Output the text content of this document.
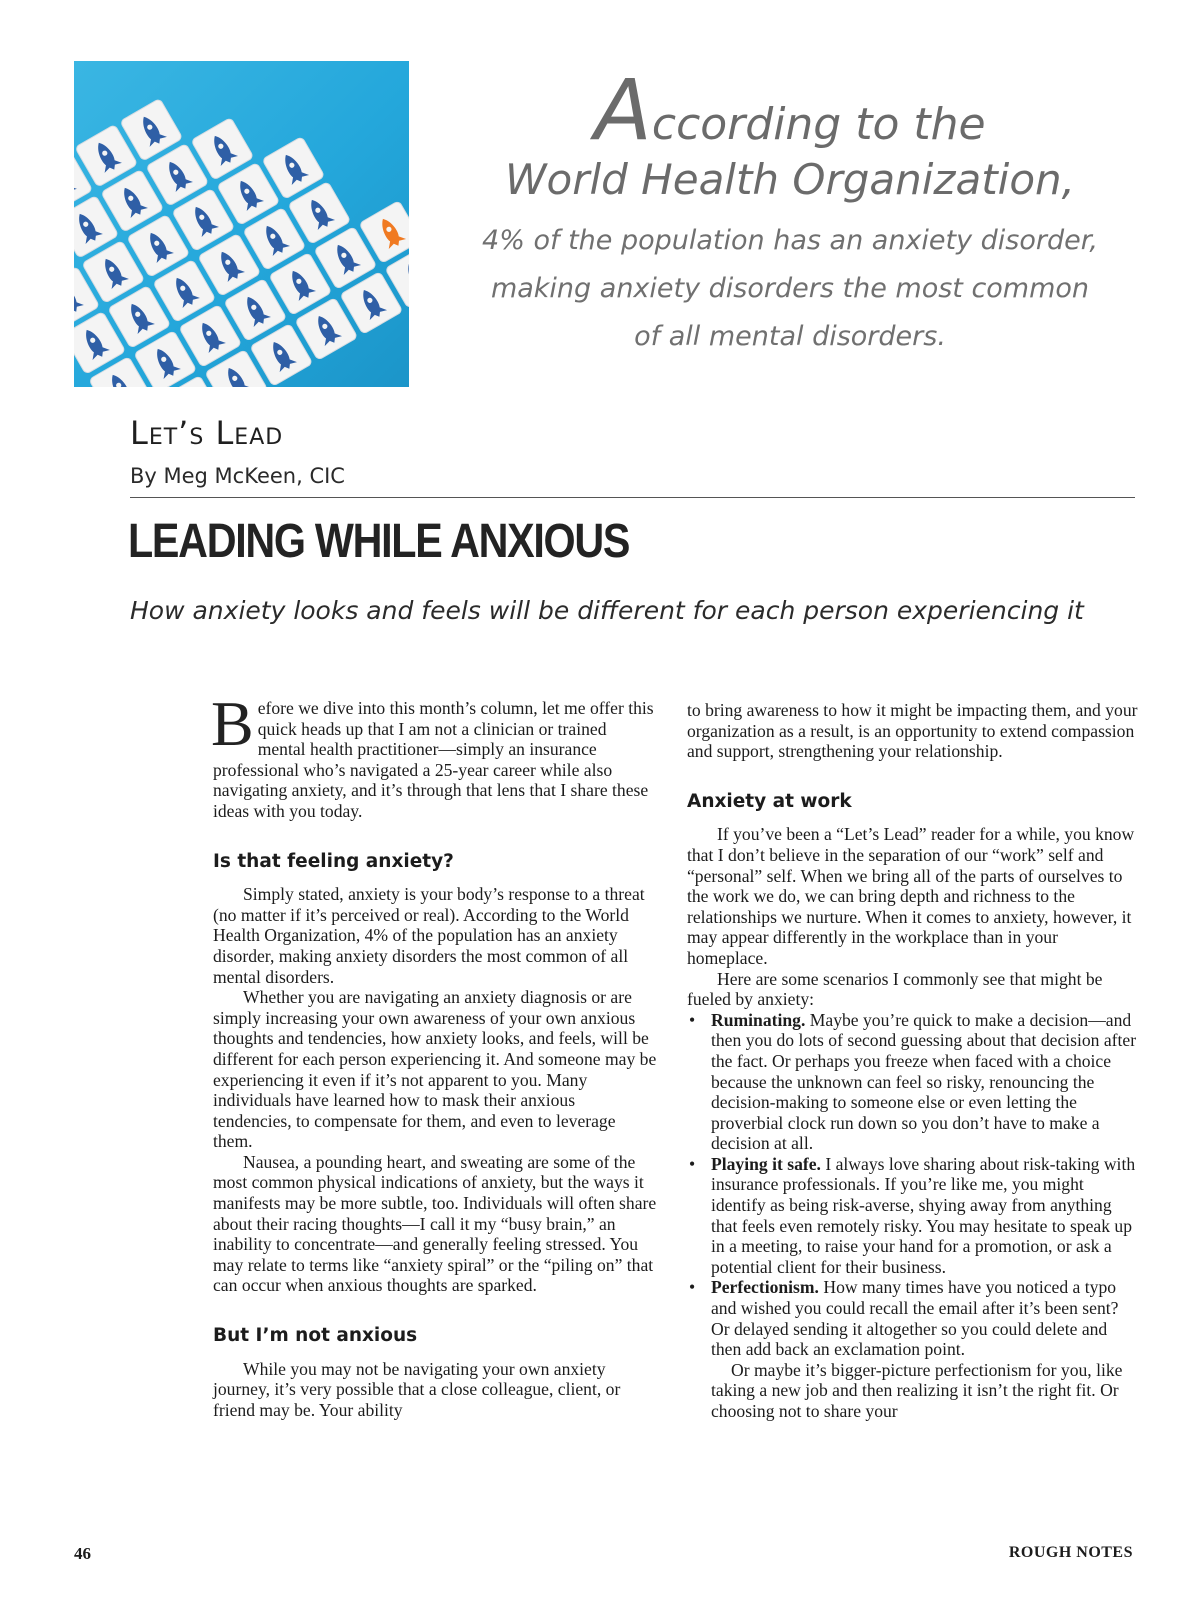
According to the
World Health Organization,
4% of the population has an anxiety disorder,
making anxiety disorders the most common
of all mental disorders.
Let’s Lead
By Meg McKeen, CIC
LEADING WHILE ANXIOUS
How anxiety looks and feels will be different for each person experiencing it

Before we dive into this month’s column, let me offer this quick heads up that I am not a clinician or trained mental health practitioner—simply an insurance professional who’s navigated a 25-year career while also navigating anxiety, and it’s through that lens that I share these ideas with you today.

Is that feeling anxiety?

Simply stated, anxiety is your body’s response to a threat (no matter if it’s perceived or real). According to the World Health Organization, 4% of the population has an anxiety disorder, making anxiety disorders the most common of all mental disorders.

Whether you are navigating an anxiety diagnosis or are simply increasing your own awareness of your own anxious thoughts and tendencies, how anxiety looks, and feels, will be different for each person experiencing it. And someone may be experiencing it even if it’s not apparent to you. Many individuals have learned how to mask their anxious tendencies, to compensate for them, and even to leverage them.

Nausea, a pounding heart, and sweating are some of the most common physical indications of anxiety, but the ways it manifests may be more subtle, too. Individuals will often share about their racing thoughts—I call it my “busy brain,” an inability to concentrate—and generally feeling stressed. You may relate to terms like “anxiety spiral” or the “piling on” that can occur when anxious thoughts are sparked.

But I’m not anxious

While you may not be navigating your own anxiety journey, it’s very possible that a close colleague, client, or friend may be. Your ability

to bring awareness to how it might be impacting them, and your organization as a result, is an opportunity to extend compassion and support, strengthening your relationship.

Anxiety at work

If you’ve been a “Let’s Lead” reader for a while, you know that I don’t believe in the separation of our “work” self and “personal” self. When we bring all of the parts of ourselves to the work we do, we can bring depth and richness to the relationships we nurture. When it comes to anxiety, however, it may appear differently in the workplace than in your homeplace.

Here are some scenarios I commonly see that might be fueled by anxiety:

• Ruminating. Maybe you’re quick to make a decision—and then you do lots of second guessing about that decision after the fact. Or perhaps you freeze when faced with a choice because the unknown can feel so risky, renouncing the decision-making to someone else or even letting the proverbial clock run down so you don’t have to make a decision at all.
• Playing it safe. I always love sharing about risk-taking with insurance professionals. If you’re like me, you might identify as being risk-averse, shying away from anything that feels even remotely risky. You may hesitate to speak up in a meeting, to raise your hand for a promotion, or ask a potential client for their business.
• Perfectionism. How many times have you noticed a typo and wished you could recall the email after it’s been sent? Or delayed sending it altogether so you could delete and then add back an exclamation point.

Or maybe it’s bigger-picture perfectionism for you, like taking a new job and then realizing it isn’t the right fit. Or choosing not to share your

46	ROUGH NOTES
